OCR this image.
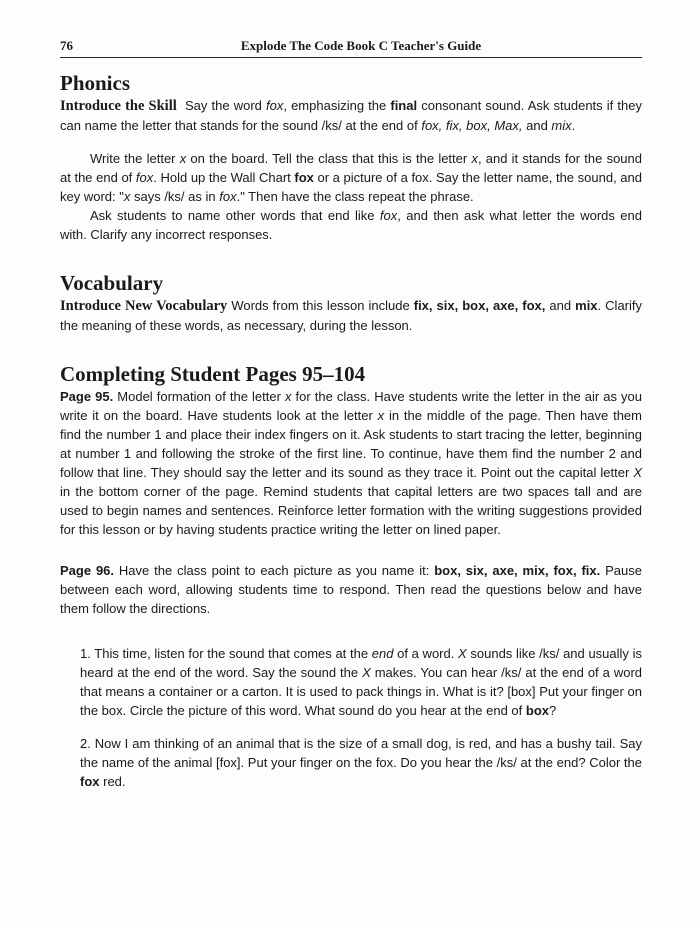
76	Explode The Code Book C Teacher's Guide
Phonics

Introduce the Skill Say the word fox, emphasizing the final consonant sound. Ask students if they can name the letter that stands for the sound /ks/ at the end of fox, fix, box, Max, and mix.

Write the letter x on the board. Tell the class that this is the letter x, and it stands for the sound at the end of fox. Hold up the Wall Chart fox or a picture of a fox. Say the letter name, the sound, and key word: "x says /ks/ as in fox." Then have the class repeat the phrase.

Ask students to name other words that end like fox, and then ask what letter the words end with. Clarify any incorrect responses.

Vocabulary

Introduce New Vocabulary Words from this lesson include fix, six, box, axe, fox, and mix. Clarify the meaning of these words, as necessary, during the lesson.

Completing Student Pages 95–104

Page 95. Model formation of the letter x for the class. Have students write the letter in the air as you write it on the board. Have students look at the letter x in the middle of the page. Then have them find the number 1 and place their index fingers on it. Ask students to start tracing the letter, beginning at number 1 and following the stroke of the first line. To continue, have them find the number 2 and follow that line. They should say the letter and its sound as they trace it. Point out the capital letter X in the bottom corner of the page. Remind students that capital letters are two spaces tall and are used to begin names and sentences. Reinforce letter formation with the writing suggestions provided for this lesson or by having students practice writing the letter on lined paper.

Page 96. Have the class point to each picture as you name it: box, six, axe, mix, fox, fix. Pause between each word, allowing students time to respond. Then read the questions below and have them follow the directions.

1. This time, listen for the sound that comes at the end of a word. X sounds like /ks/ and usually is heard at the end of the word. Say the sound the X makes. You can hear /ks/ at the end of a word that means a container or a carton. It is used to pack things in. What is it? [box] Put your finger on the box. Circle the picture of this word. What sound do you hear at the end of box?

2. Now I am thinking of an animal that is the size of a small dog, is red, and has a bushy tail. Say the name of the animal [fox]. Put your finger on the fox. Do you hear the /ks/ at the end? Color the fox red.
